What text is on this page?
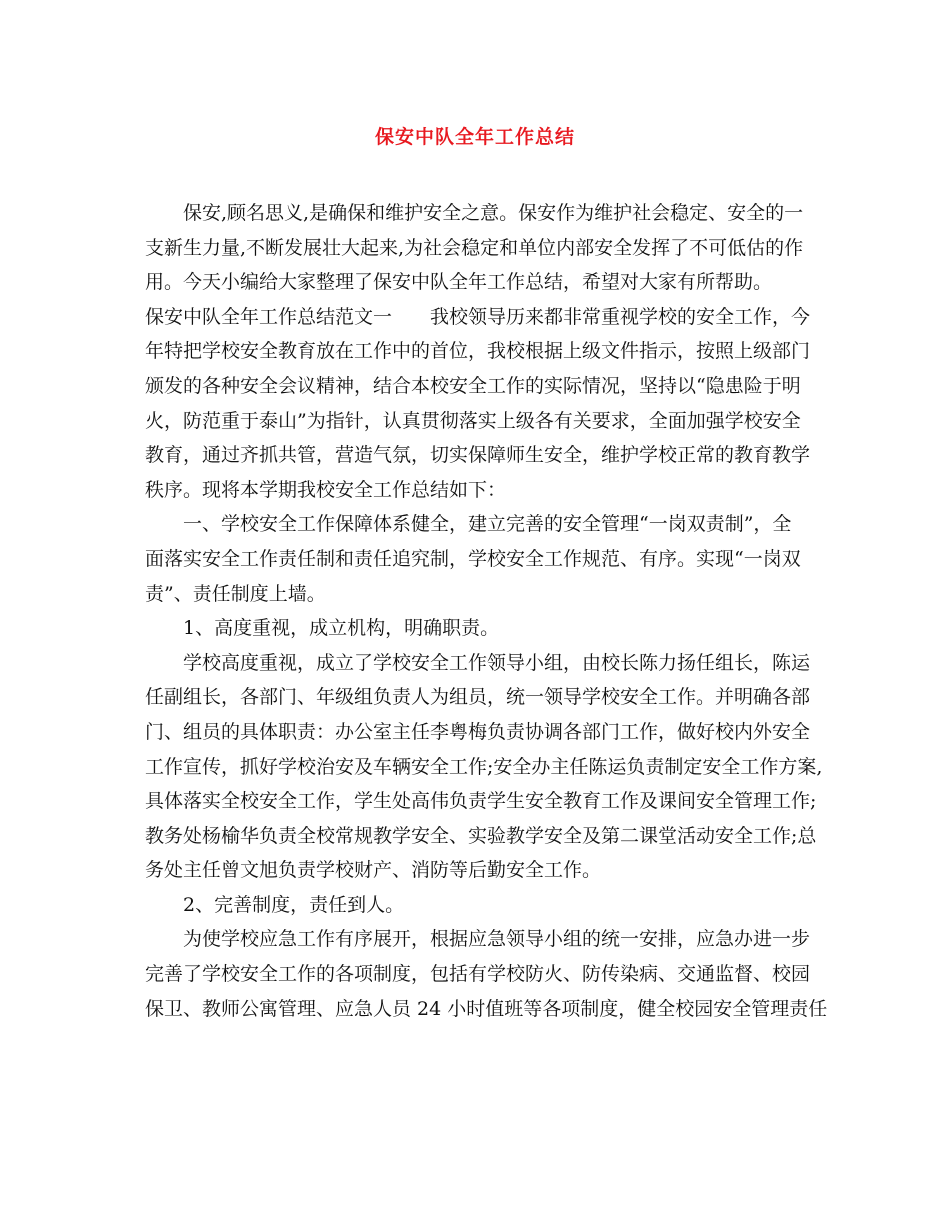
保安中队全年工作总结
保安,顾名思义,是确保和维护安全之意。保安作为维护社会稳定、安全的一
支新生力量,不断发展壮大起来,为社会稳定和单位内部安全发挥了不可低估的作
用。今天小编给大家整理了保安中队全年工作总结，希望对大家有所帮助。
保安中队全年工作总结范文一　　我校领导历来都非常重视学校的安全工作，今
年特把学校安全教育放在工作中的首位，我校根据上级文件指示，按照上级部门
颁发的各种安全会议精神，结合本校安全工作的实际情况，坚持以“隐患险于明
火，防范重于泰山”为指针，认真贯彻落实上级各有关要求，全面加强学校安全
教育，通过齐抓共管，营造气氛，切实保障师生安全，维护学校正常的教育教学
秩序。现将本学期我校安全工作总结如下：
一、学校安全工作保障体系健全，建立完善的安全管理“一岗双责制”，全
面落实安全工作责任制和责任追究制，学校安全工作规范、有序。实现“一岗双
责”、责任制度上墙。
1、高度重视，成立机构，明确职责。
学校高度重视，成立了学校安全工作领导小组，由校长陈力扬任组长，陈运
任副组长，各部门、年级组负责人为组员，统一领导学校安全工作。并明确各部
门、组员的具体职责：办公室主任李粤梅负责协调各部门工作，做好校内外安全
工作宣传，抓好学校治安及车辆安全工作;安全办主任陈运负责制定安全工作方案,
具体落实全校安全工作，学生处高伟负责学生安全教育工作及课间安全管理工作;
教务处杨榆华负责全校常规教学安全、实验教学安全及第二课堂活动安全工作;总
务处主任曾文旭负责学校财产、消防等后勤安全工作。
2、完善制度，责任到人。
为使学校应急工作有序展开，根据应急领导小组的统一安排，应急办进一步
完善了学校安全工作的各项制度，包括有学校防火、防传染病、交通监督、校园
保卫、教师公寓管理、应急人员 24 小时值班等各项制度，健全校园安全管理责任
